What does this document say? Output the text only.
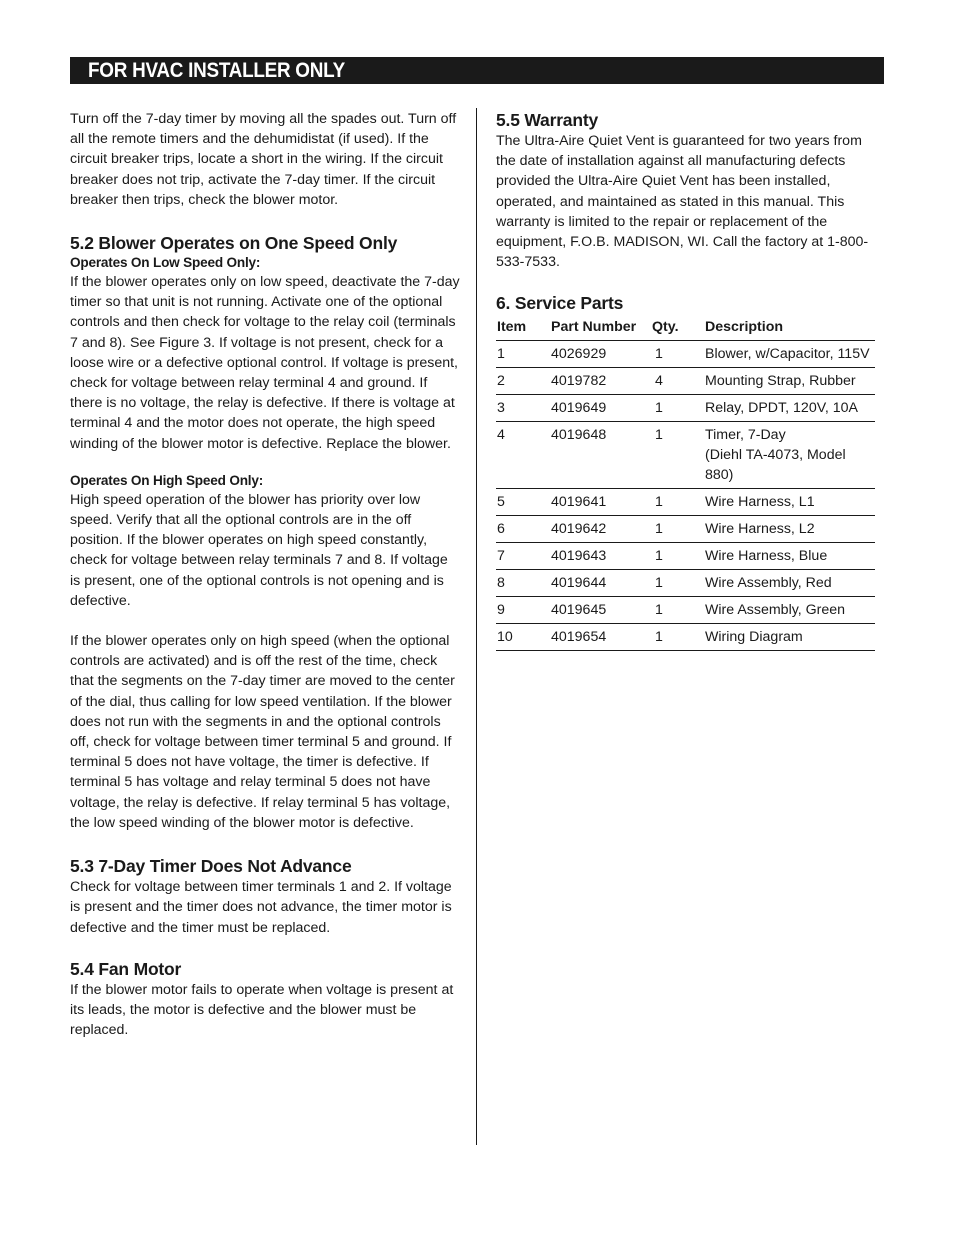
FOR HVAC INSTALLER ONLY

Turn off the 7-day timer by moving all the spades out. Turn off all the remote timers and the dehumidistat (if used). If the circuit breaker trips, locate a short in the wiring. If the circuit breaker does not trip, activate the 7-day timer. If the circuit breaker then trips, check the blower motor.

5.2 Blower Operates on One Speed Only
Operates On Low Speed Only:

If the blower operates only on low speed, deactivate the 7-day timer so that unit is not running. Activate one of the optional controls and then check for voltage to the relay coil (terminals 7 and 8). See Figure 3. If voltage is not present, check for a loose wire or a defective optional control. If voltage is present, check for voltage between relay terminal 4 and ground. If there is no voltage, the relay is defective. If there is voltage at terminal 4 and the motor does not operate, the high speed winding of the blower motor is defective. Replace the blower.

Operates On High Speed Only:

High speed operation of the blower has priority over low speed. Verify that all the optional controls are in the off position. If the blower operates on high speed constantly, check for voltage between relay terminals 7 and 8. If voltage is present, one of the optional controls is not opening and is defective.

If the blower operates only on high speed (when the optional controls are activated) and is off the rest of the time, check that the segments on the 7-day timer are moved to the center of the dial, thus calling for low speed ventilation. If the blower does not run with the segments in and the optional controls off, check for voltage between timer terminal 5 and ground. If terminal 5 does not have voltage, the timer is defective. If terminal 5 has voltage and relay terminal 5 does not have voltage, the relay is defective. If relay terminal 5 has voltage, the low speed winding of the blower motor is defective.

5.3 7-Day Timer Does Not Advance

Check for voltage between timer terminals 1 and 2. If voltage is present and the timer does not advance, the timer motor is defective and the timer must be replaced.

5.4 Fan Motor

If the blower motor fails to operate when voltage is present at its leads, the motor is defective and the blower must be replaced.

5.5 Warranty

The Ultra-Aire Quiet Vent is guaranteed for two years from the date of installation against all manufacturing defects provided the Ultra-Aire Quiet Vent has been installed, operated, and maintained as stated in this manual. This warranty is limited to the repair or replacement of the equipment, F.O.B. MADISON, WI. Call the factory at 1-800-533-7533.

6. Service Parts
Item	Part Number	Qty.	Description
1	4026929	1	Blower, w/Capacitor, 115V
2	4019782	4	Mounting Strap, Rubber
3	4019649	1	Relay, DPDT, 120V, 10A
4	4019648	1	Timer, 7-Day
(Diehl TA-4073, Model 880)

5	4019641	1	Wire Harness, L1
6	4019642	1	Wire Harness, L2
7	4019643	1	Wire Harness, Blue
8	4019644	1	Wire Assembly, Red
9	4019645	1	Wire Assembly, Green
10	4019654	1	Wiring Diagram
